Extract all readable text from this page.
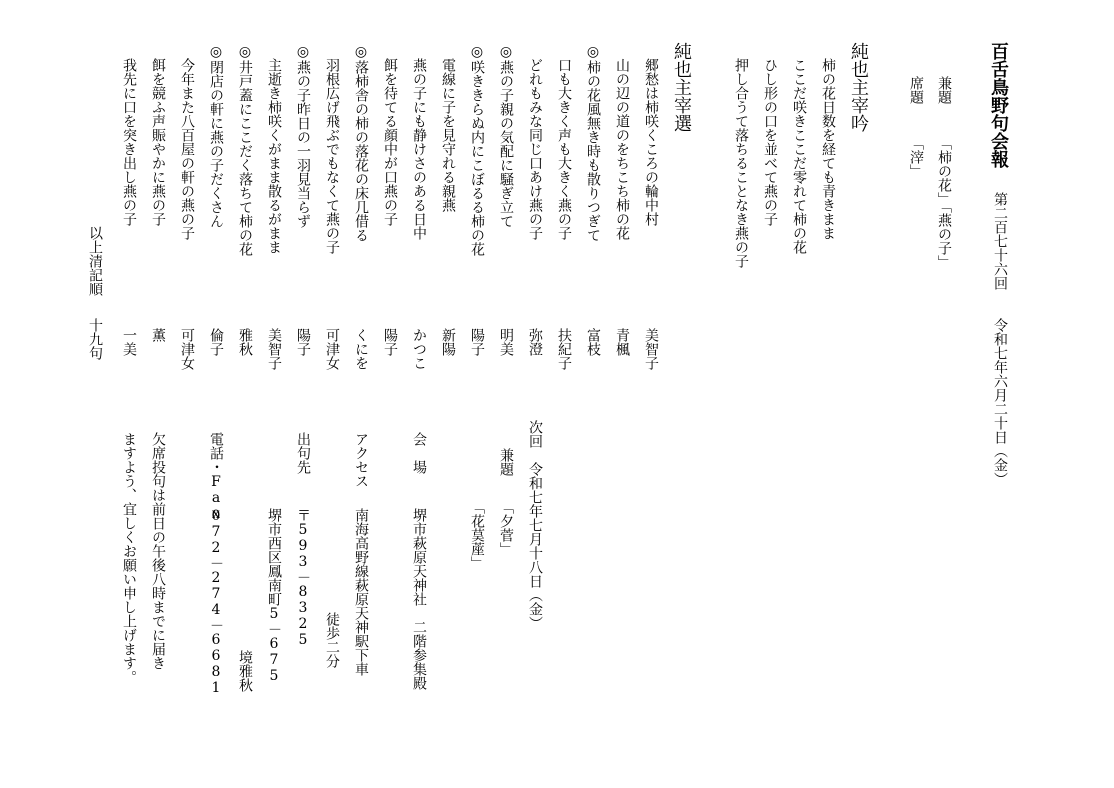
百舌鳥野句会報
第二百七十六回
令和七年六月二十日（金）
兼題
「柿の花」「燕の子」
席題
「滓」
純也主宰吟
柿の花日数を経ても青きまま
ここだ咲きここだ零れて柿の花
ひし形の口を並べて燕の子
押し合うて落ちることなき燕の子
純也主宰選
郷愁は柿咲くころの輪中村
美智子
山の辺の道のをちこち柿の花
青楓
◎柿の花風無き時も散りつぎて
富枝
口も大きく声も大きく燕の子
扶紀子
どれもみな同じ口あけ燕の子
弥澄
◎燕の子親の気配に騒ぎ立て
明美
◎咲ききらぬ内にこぼるる柿の花
陽子
電線に子を見守れる親燕
新陽
燕の子にも静けさのある日中
かつこ
餌を待てる顔中が口燕の子
陽子
◎落柿舎の柿の落花の床几借る
くにを
羽根広げ飛ぶでもなくて燕の子
可津女
◎燕の子昨日の一羽見当らず
陽子
主逝き柿咲くがまま散るがまま
美智子
◎井戸蓋にここだく落ちて柿の花
雅秋
◎閉店の軒に燕の子だくさん
倫子
今年また八百屋の軒の燕の子
可津女
餌を競ふ声賑やかに燕の子
薫
我先に口を突き出し燕の子
一美
以上清記順
十九句
次回　令和七年七月十八日（金）
兼題
「夕菅」
「花茣蓙」
会　場
堺市萩原天神社　二階参集殿
アクセス
南海高野線萩原天神駅下車
徒歩二分
出句先
〒593－8325
堺市西区鳳南町5－675
境雅秋
電話・Fax
072－274－6681
欠席投句は前日の午後八時までに届き
ますよう、宜しくお願い申し上げます。
